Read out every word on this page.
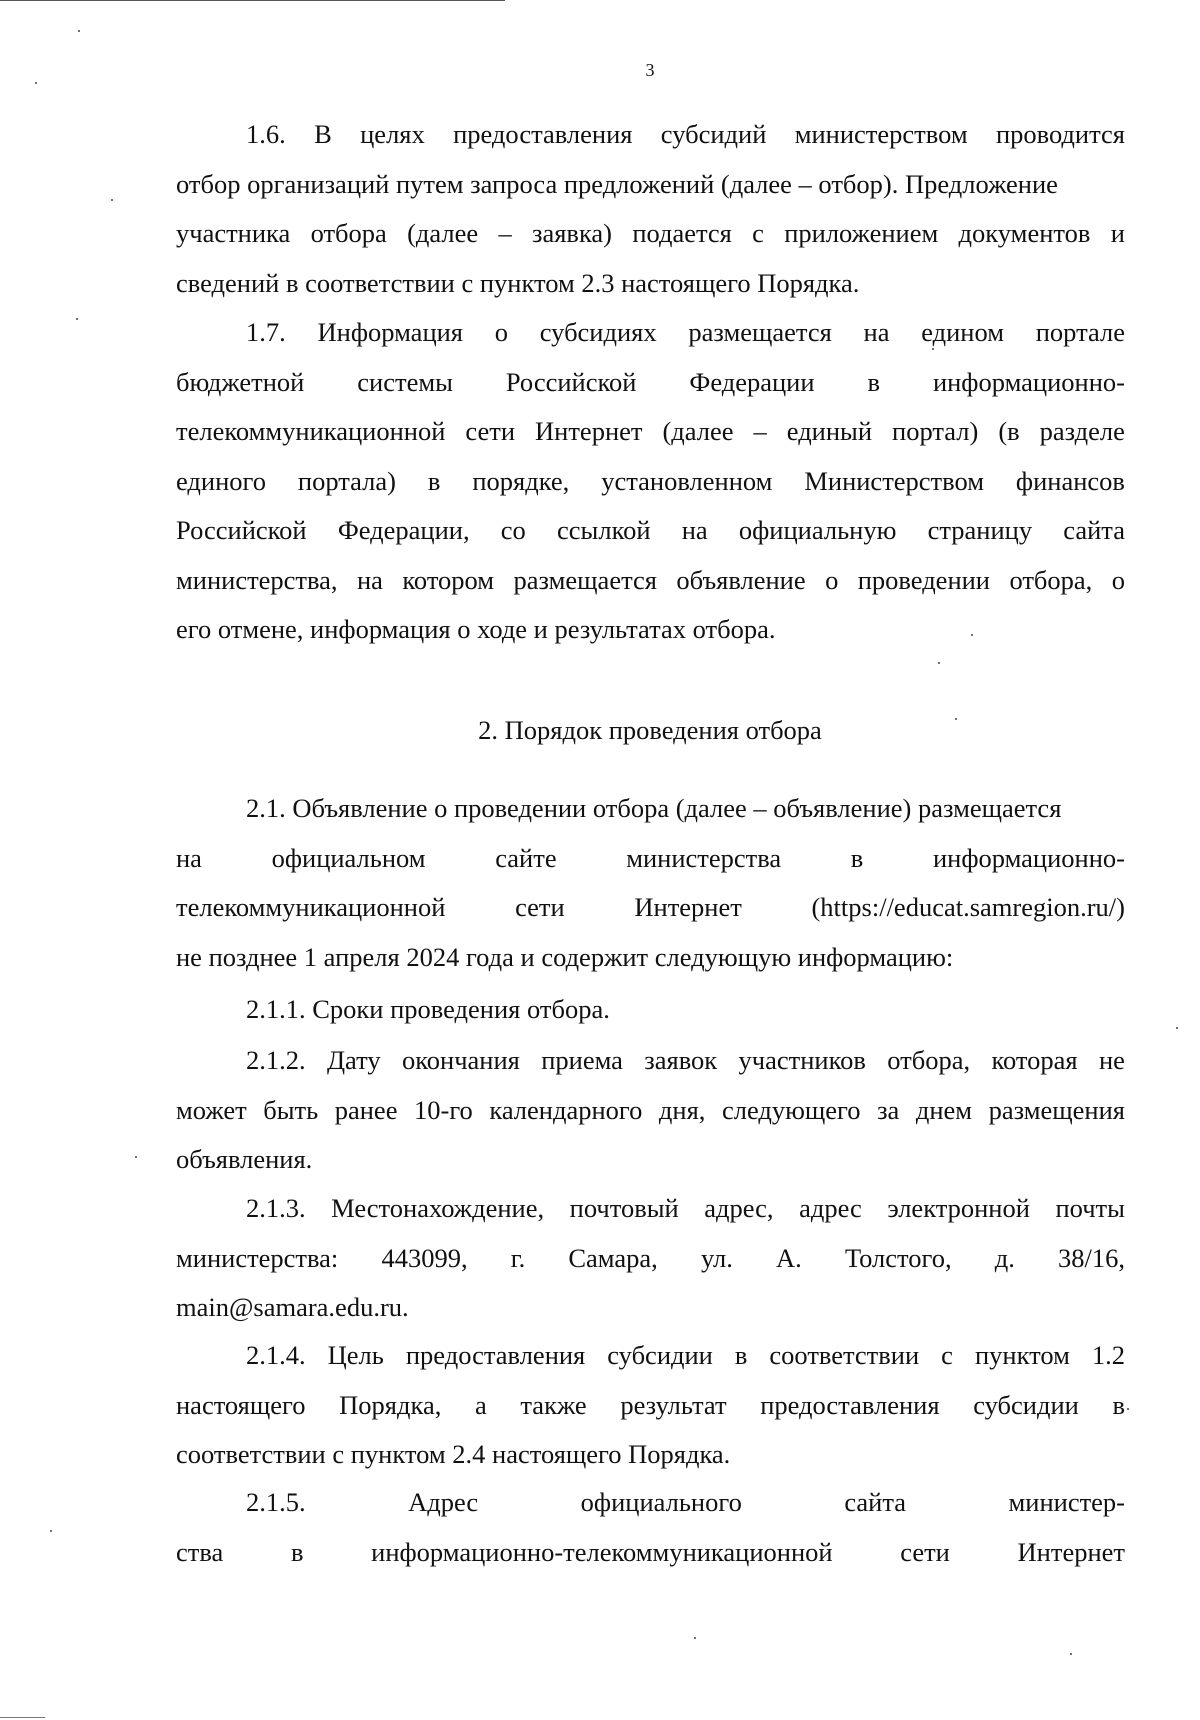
3
1.6. В целях предоставления субсидий министерством проводится
отбор организаций путем запроса предложений (далее – отбор). Предложение
участника отбора (далее – заявка) подается с приложением документов и
сведений в соответствии с пунктом 2.3 настоящего Порядка.
1.7. Информация о субсидиях размещается на едином портале
бюджетной системы Российской Федерации в информационно-
телекоммуникационной сети Интернет (далее – единый портал) (в разделе
единого портала) в порядке, установленном Министерством финансов
Российской Федерации, со ссылкой на официальную страницу сайта
министерства, на котором размещается объявление о проведении отбора, о
его отмене, информация о ходе и результатах отбора.
2. Порядок проведения отбора
2.1. Объявление о проведении отбора (далее – объявление) размещается
на	официальном	сайте	министерства	в	информационно-
телекоммуникационной	сети	Интернет	(https://educat.samregion.ru/)
не позднее 1 апреля 2024 года и содержит следующую информацию:
2.1.1. Сроки проведения отбора.
2.1.2. Дату окончания приема заявок участников отбора, которая не
может быть ранее 10-го календарного дня, следующего за днем размещения
объявления.
2.1.3. Местонахождение, почтовый адрес, адрес электронной почты
министерства: 443099, г. Самара, ул. А. Толстого, д. 38/16,
main@samara.edu.ru.
2.1.4. Цель предоставления субсидии в соответствии с пунктом 1.2
настоящего Порядка, а также результат предоставления субсидии в
соответствии с пунктом 2.4 настоящего Порядка.
2.1.5.	Адрес	официального	сайта	министер-
ства	в	информационно-телекоммуникационной	сети	Интернет
